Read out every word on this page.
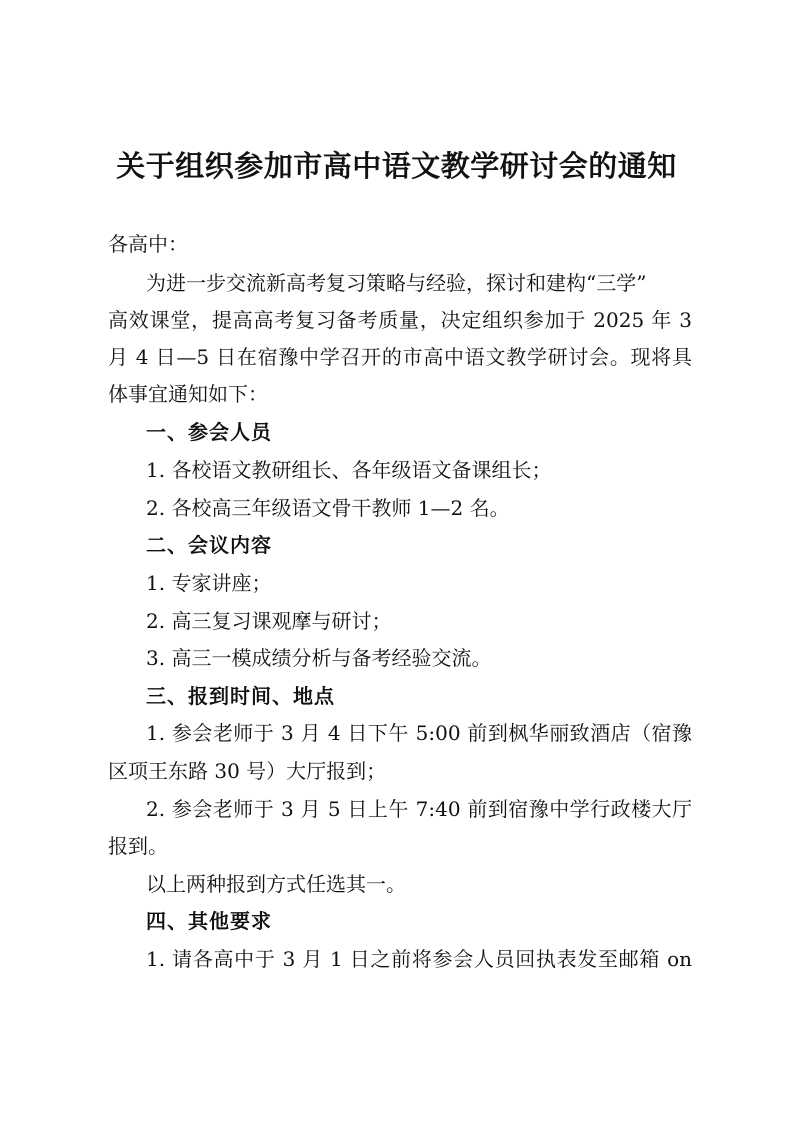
关于组织参加市高中语文教学研讨会的通知
各高中：
为进一步交流新高考复习策略与经验，探讨和建构“三学”
高效课堂，提高高考复习备考质量，决定组织参加于 2025 年 3
月 4 日—5 日在宿豫中学召开的市高中语文教学研讨会。现将具
体事宜通知如下：
一、参会人员
1. 各校语文教研组长、各年级语文备课组长；
2. 各校高三年级语文骨干教师 1—2 名。
二、会议内容
1. 专家讲座；
2. 高三复习课观摩与研讨；
3. 高三一模成绩分析与备考经验交流。
三、报到时间、地点
1. 参会老师于 3 月 4 日下午 5:00 前到枫华丽致酒店（宿豫
区项王东路 30 号）大厅报到；
2. 参会老师于 3 月 5 日上午 7:40 前到宿豫中学行政楼大厅
报到。
以上两种报到方式任选其一。
四、其他要求
1. 请各高中于 3 月 1 日之前将参会人员回执表发至邮箱 on
